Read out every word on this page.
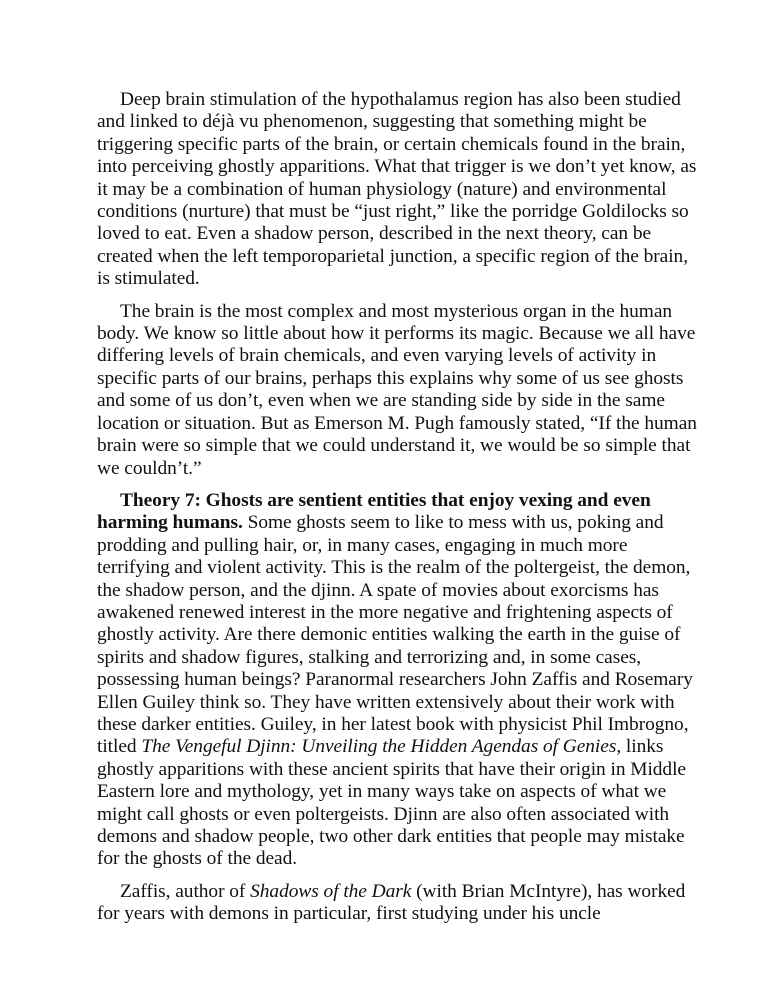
Deep brain stimulation of the hypothalamus region has also been studied and linked to déjà vu phenomenon, suggesting that something might be triggering specific parts of the brain, or certain chemicals found in the brain, into perceiving ghostly apparitions. What that trigger is we don’t yet know, as it may be a combination of human physiology (nature) and environmental conditions (nurture) that must be “just right,” like the porridge Goldilocks so loved to eat. Even a shadow person, described in the next theory, can be created when the left temporoparietal junction, a specific region of the brain, is stimulated.

The brain is the most complex and most mysterious organ in the human body. We know so little about how it performs its magic. Because we all have differing levels of brain chemicals, and even varying levels of activity in specific parts of our brains, perhaps this explains why some of us see ghosts and some of us don’t, even when we are standing side by side in the same location or situation. But as Emerson M. Pugh famously stated, “If the human brain were so simple that we could understand it, we would be so simple that we couldn’t.”

Theory 7: Ghosts are sentient entities that enjoy vexing and even harming humans. Some ghosts seem to like to mess with us, poking and prodding and pulling hair, or, in many cases, engaging in much more terrifying and violent activity. This is the realm of the poltergeist, the demon, the shadow person, and the djinn. A spate of movies about exorcisms has awakened renewed interest in the more negative and frightening aspects of ghostly activity. Are there demonic entities walking the earth in the guise of spirits and shadow figures, stalking and terrorizing and, in some cases, possessing human beings? Paranormal researchers John Zaffis and Rosemary Ellen Guiley think so. They have written extensively about their work with these darker entities. Guiley, in her latest book with physicist Phil Imbrogno, titled The Vengeful Djinn: Unveiling the Hidden Agendas of Genies, links ghostly apparitions with these ancient spirits that have their origin in Middle Eastern lore and mythology, yet in many ways take on aspects of what we might call ghosts or even poltergeists. Djinn are also often associated with demons and shadow people, two other dark entities that people may mistake for the ghosts of the dead.

Zaffis, author of Shadows of the Dark (with Brian McIntyre), has worked for years with demons in particular, first studying under his uncle
